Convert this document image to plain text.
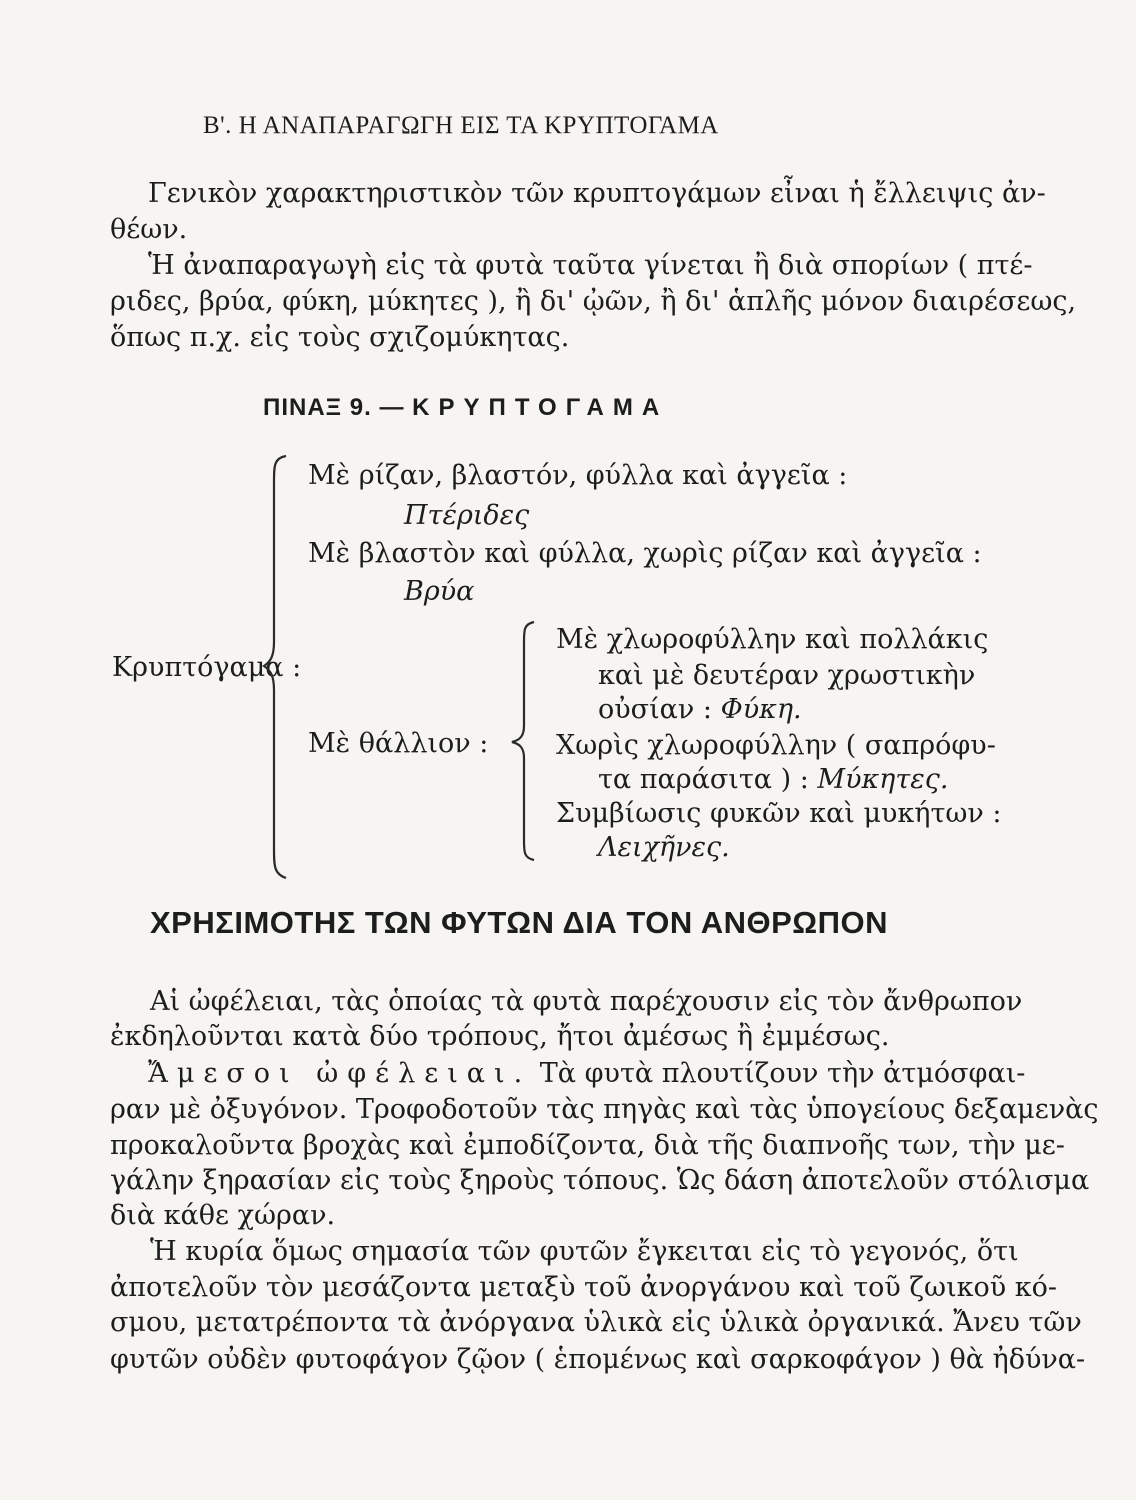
Β'. Η ΑΝΑΠΑΡΑΓΩΓΗ ΕΙΣ ΤΑ ΚΡΥΠΤΟΓΑΜΑ
Γενικὸν χαρακτηριστικὸν τῶν κρυπτογάμων εἶναι ἡ ἔλλειψις ἀν-
θέων.
Ἡ ἀναπαραγωγὴ εἰς τὰ φυτὰ ταῦτα γίνεται ἢ διὰ σπορίων ( πτέ-
ριδες, βρύα, φύκη, μύκητες ), ἢ δι' ᾠῶν, ἢ δι' ἁπλῆς μόνον διαιρέσεως,
ὅπως π.χ. εἰς τοὺς σχιζομύκητας.
ΠΙΝΑΞ 9. — ΚΡΥΠΤΟΓΑΜΑ
Κρυπτόγαμα :
Μὲ ρίζαν, βλαστόν, φύλλα καὶ ἀγγεῖα :
Πτέριδες
Μὲ βλαστὸν καὶ φύλλα, χωρὶς ρίζαν καὶ ἀγγεῖα :
Βρύα
Μὲ θάλλιον :
Μὲ χλωροφύλλην καὶ πολλάκις
καὶ μὲ δευτέραν χρωστικὴν
οὐσίαν : Φύκη.
Χωρὶς χλωροφύλλην ( σαπρόφυ-
τα παράσιτα ) : Μύκητες.
Συμβίωσις φυκῶν καὶ μυκήτων :
Λειχῆνες.
ΧΡΗΣΙΜΟΤΗΣ ΤΩΝ ΦΥΤΩΝ ΔΙΑ ΤΟΝ ΑΝΘΡΩΠΟΝ
Αἱ ὠφέλειαι, τὰς ὁποίας τὰ φυτὰ παρέχουσιν εἰς τὸν ἄνθρωπον
ἐκδηλοῦνται κατὰ δύο τρόπους, ἤτοι ἀμέσως ἢ ἐμμέσως.
Ἄμεσοι ὠφέλειαι. Τὰ φυτὰ πλουτίζουν τὴν ἀτμόσφαι-
ραν μὲ ὀξυγόνον. Τροφοδοτοῦν τὰς πηγὰς καὶ τὰς ὑπογείους δεξαμενὰς
προκαλοῦντα βροχὰς καὶ ἐμποδίζοντα, διὰ τῆς διαπνοῆς των, τὴν με-
γάλην ξηρασίαν εἰς τοὺς ξηροὺς τόπους. Ὡς δάση ἀποτελοῦν στόλισμα
διὰ κάθε χώραν.
Ἡ κυρία ὅμως σημασία τῶν φυτῶν ἔγκειται εἰς τὸ γεγονός, ὅτι
ἀποτελοῦν τὸν μεσάζοντα μεταξὺ τοῦ ἀνοργάνου καὶ τοῦ ζωικοῦ κό-
σμου, μετατρέποντα τὰ ἀνόργανα ὑλικὰ εἰς ὑλικὰ ὀργανικά. Ἄνευ τῶν
φυτῶν οὐδὲν φυτοφάγον ζῷον ( ἑπομένως καὶ σαρκοφάγον ) θὰ ἠδύνα-
